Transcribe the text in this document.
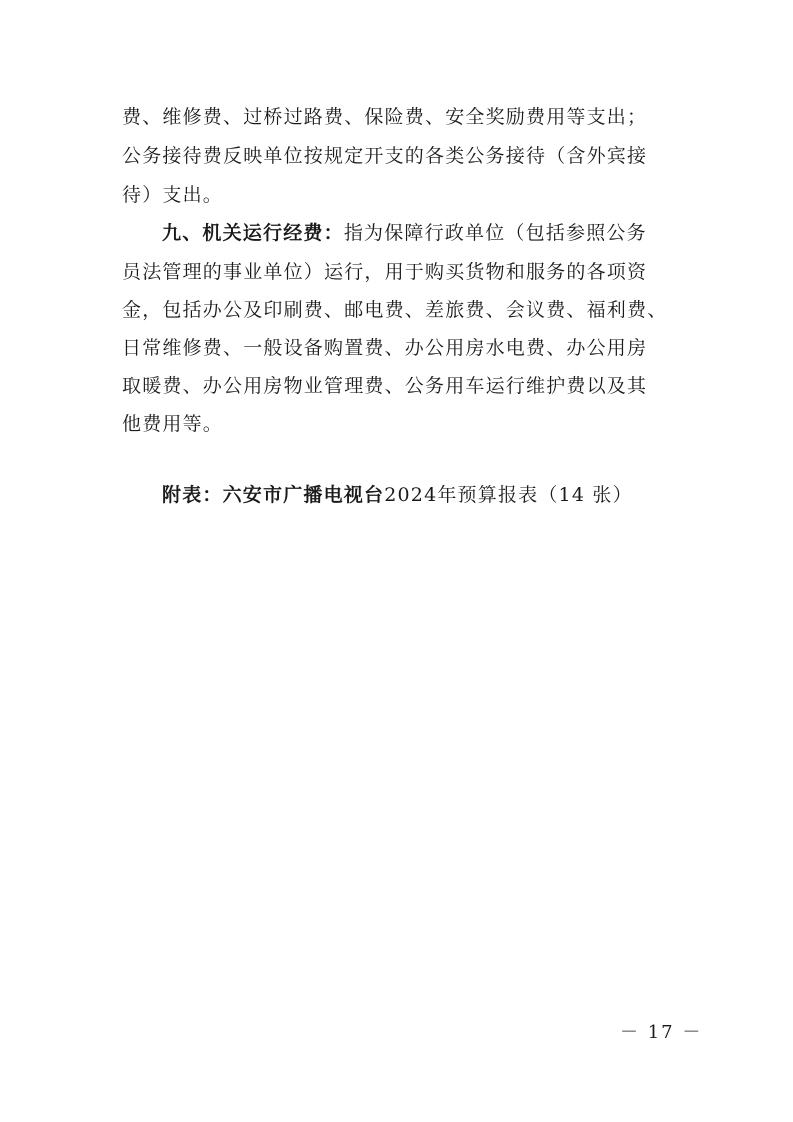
费、维修费、过桥过路费、保险费、安全奖励费用等支出；
公务接待费反映单位按规定开支的各类公务接待（含外宾接
待）支出。
九、机关运行经费：指为保障行政单位（包括参照公务
员法管理的事业单位）运行，用于购买货物和服务的各项资
金，包括办公及印刷费、邮电费、差旅费、会议费、福利费、
日常维修费、一般设备购置费、办公用房水电费、办公用房
取暖费、办公用房物业管理费、公务用车运行维护费以及其
他费用等。
附表：六安市广播电视台2024年预算报表（14 张）
－ 17 －
